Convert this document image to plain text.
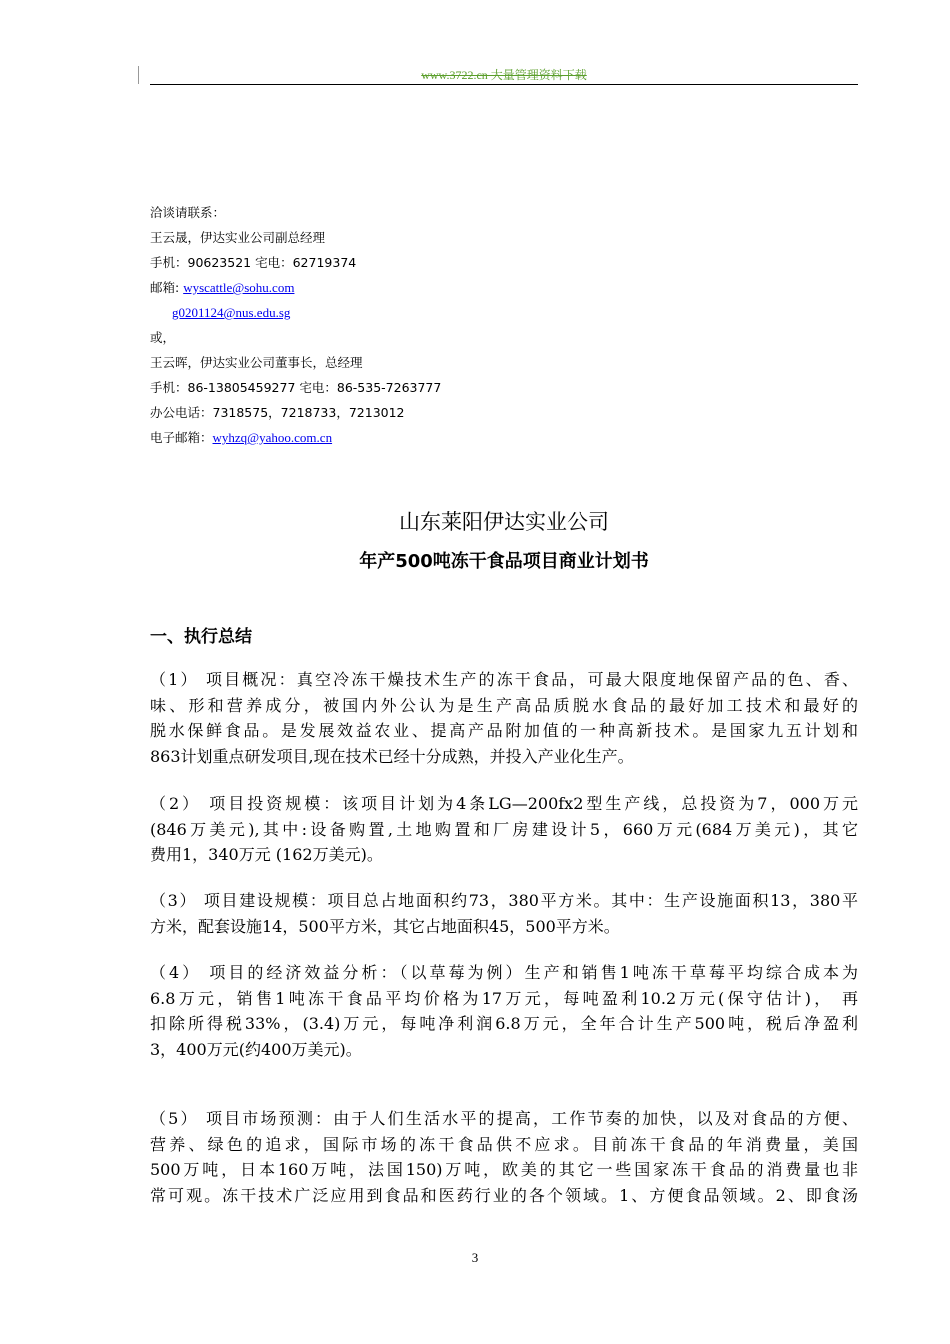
www.3722.cn 大量管理资料下载
洽谈请联系：
王云晟，伊达实业公司副总经理
手机：90623521 宅电：62719374
邮箱: wyscattle@sohu.com
g0201124@nus.edu.sg
或，
王云晖，伊达实业公司董事长，总经理
手机：86-13805459277 宅电：86-535-7263777
办公电话：7318575，7218733，7213012
电子邮箱：wyhzq@yahoo.com.cn
山东莱阳伊达实业公司
年产500吨冻干食品项目商业计划书
一、执行总结
（1） 项目概况：真空冷冻干燥技术生产的冻干食品，可最大限度地保留产品的色、香、
味、形和营养成分，被国内外公认为是生产高品质脱水食品的最好加工技术和最好的
脱水保鲜食品。是发展效益农业、提高产品附加值的一种高新技术。是国家九五计划和
863计划重点研发项目,现在技术已经十分成熟，并投入产业化生产。
（2） 项目投资规模：该项目计划为4条LG—200fx2型生产线，总投资为7，000万元
(846万美元),其中:设备购置,土地购置和厂房建设计5，660万元(684万美元)，其它
费用1，340万元 (162万美元)。
（3） 项目建设规模：项目总占地面积约73，380平方米。其中：生产设施面积13，380平
方米，配套设施14，500平方米，其它占地面积45，500平方米。
（4） 项目的经济效益分析：（以草莓为例）生产和销售1吨冻干草莓平均综合成本为
6.8万元，销售1吨冻干食品平均价格为17万元，每吨盈利10.2万元(保守估计)， 再
扣除所得税33%，(3.4)万元，每吨净利润6.8万元，全年合计生产500吨，税后净盈利
3，400万元(约400万美元)。
（5） 项目市场预测：由于人们生活水平的提高，工作节奏的加快，以及对食品的方便、
营养、绿色的追求，国际市场的冻干食品供不应求。目前冻干食品的年消费量，美国
500万吨，日本160万吨，法国150)万吨，欧美的其它一些国家冻干食品的消费量也非
常可观。冻干技术广泛应用到食品和医药行业的各个领域。1、方便食品领域。2、即食汤
3
